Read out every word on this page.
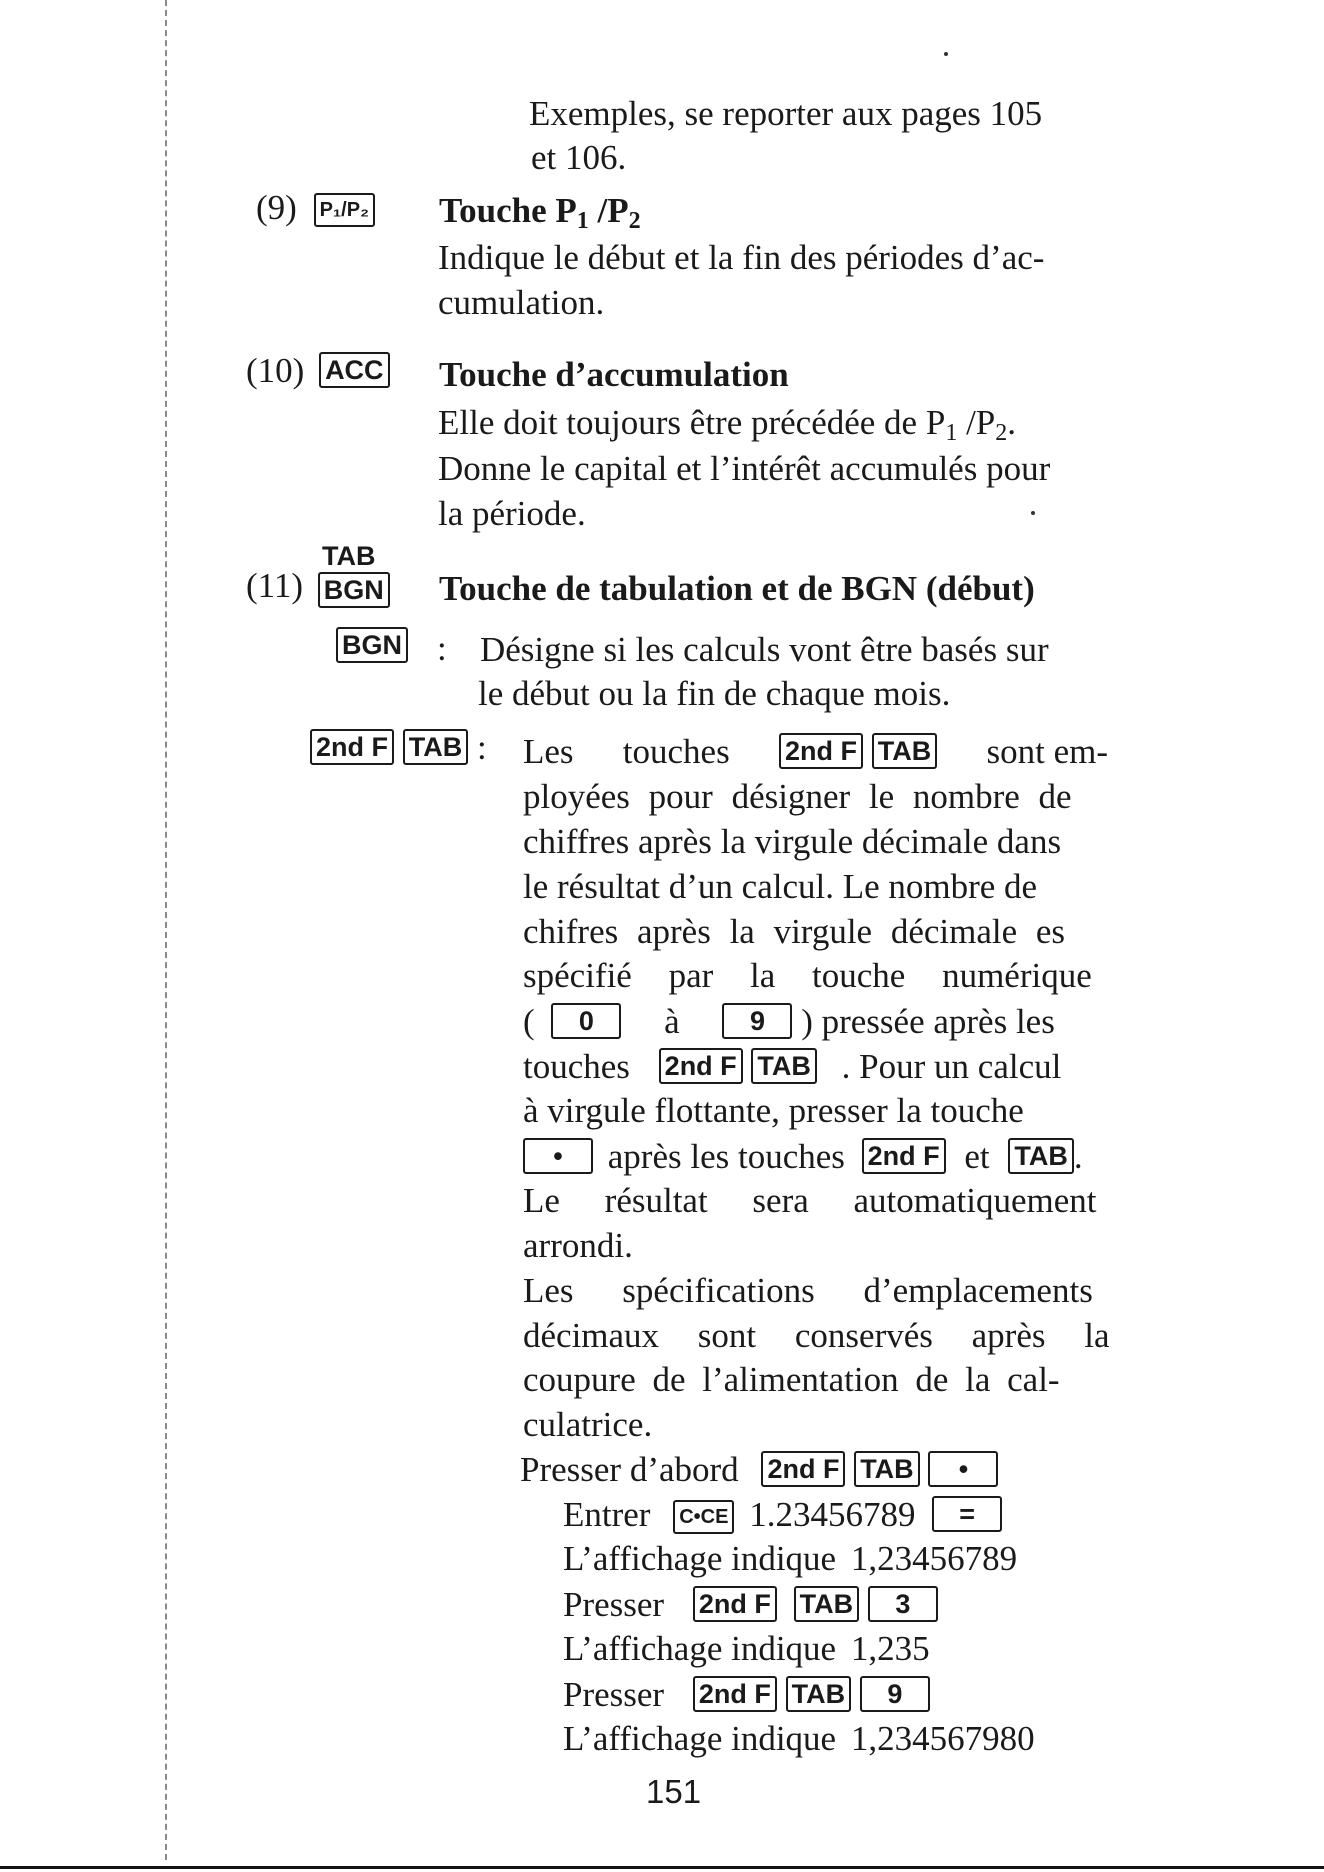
Exemples, se reporter aux pages 105
et 106.
(9) P₁/P₂ Touche $P_1$ $/P_2$
Indique le début et la fin des périodes d’ac-
cumulation.
(10) ACC Touche d’accumulation
Elle doit toujours être précédée de $P_1$ $/P_2$.
Donne le capital et l’intérêt accumulés pour
la période.
TAB
(11) BGN Touche de tabulation et de BGN (début)
BGN : Désigne si les calculs vont être basés sur
le début ou la fin de chaque mois.
2nd F TAB : Les touches 2nd F TAB sont em-
ployées pour désigner le nombre de
chiffres après la virgule décimale dans
le résultat d’un calcul. Le nombre de
chifres après la virgule décimale es
spécifié par la touche numérique
( 0 à	9 ) pressée après les
touches 2nd F TAB . Pour un calcul
à virgule flottante, presser la touche
• après les touches 2nd F et TAB .
Le résultat sera automatiquement
arrondi.
Les spécifications d’emplacements
décimaux sont conservés après la
coupure de l’alimentation de la cal-
culatrice.
Presser d’abord 2nd F TAB •
Entrer C•CE 1.23456789 =
L’affichage indique 1,23456789
Presser 2nd F TAB 3
L’affichage indique 1,235
Presser 2nd F TAB 9
L’affichage indique 1,234567980
151
